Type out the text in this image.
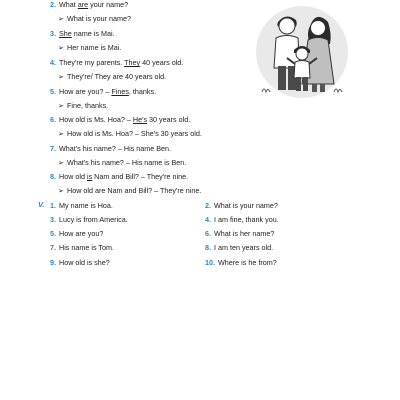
2. What are your name?
➢ What is your name?
3. She name is Mai.
➢ Her name is Mai.
4. They're my parents. They 40 years old.
➢ They're/ They are 40 years old.
5. How are you? – Fines, thanks.
➢ Fine, thanks.
6. How old is Ms. Hoa? – He's 30 years old.
➢ How old is Ms. Hoa? – She's 30 years old.
7. What's his name? – His name Ben.
➢ What's his name? – His name is Ben.
8. How old is Nam and Bill? – They're nine.
➢ How old are Nam and Bill? – They're nine.
V. 1. My name is Hoa.	2. What is your name?
3. Lucy is from America.	4. I am fine, thank you.
5. How are you?	6. What is her name?
7. His name is Tom.	8. I am ten years old.
9. How old is she?	10. Where is he from?
